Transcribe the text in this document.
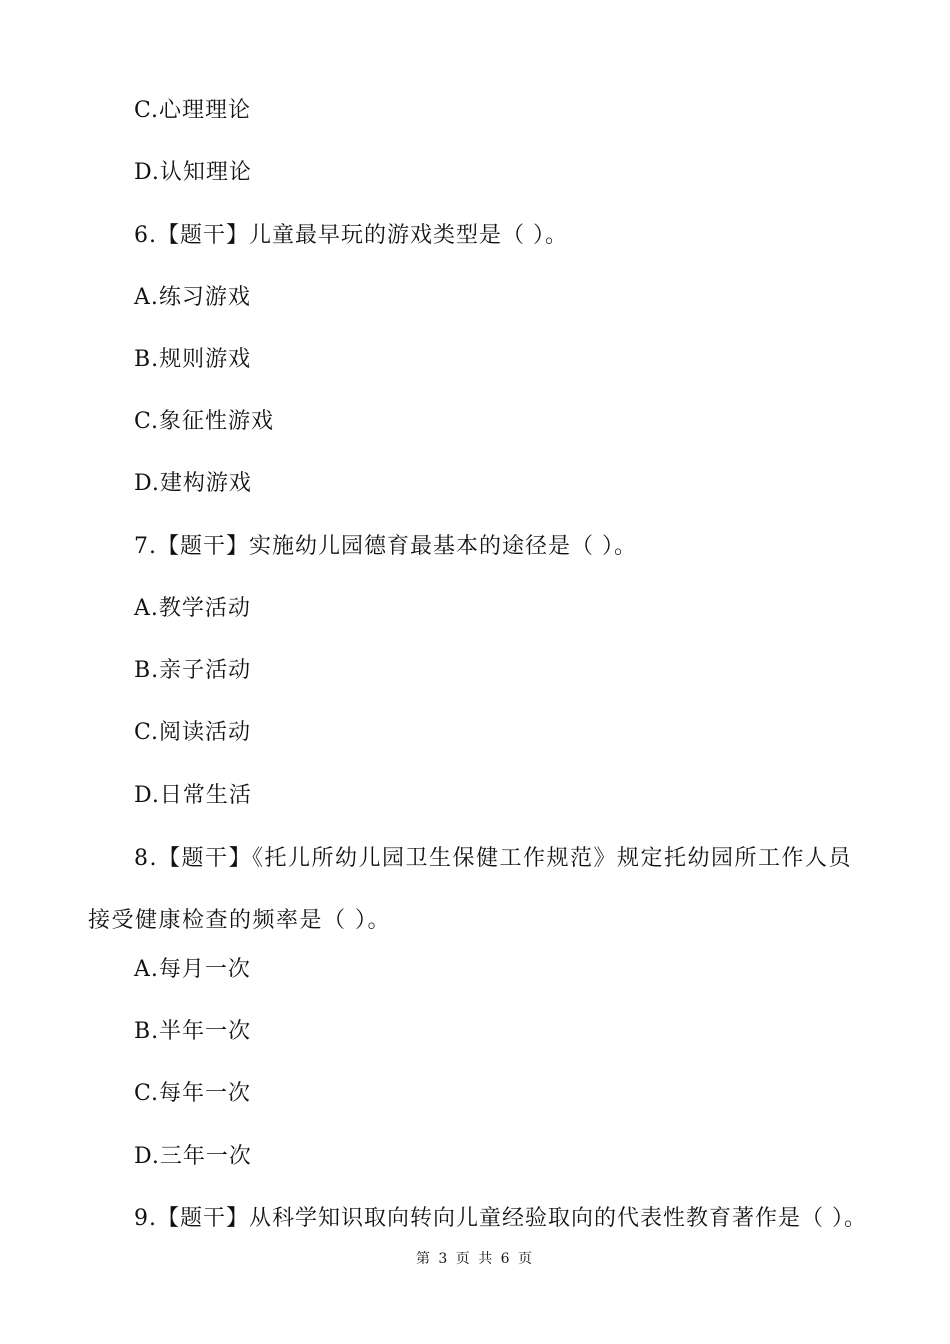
C.心理理论
D.认知理论
6.【题干】儿童最早玩的游戏类型是（ ）。
A.练习游戏
B.规则游戏
C.象征性游戏
D.建构游戏
7.【题干】实施幼儿园德育最基本的途径是（ ）。
A.教学活动
B.亲子活动
C.阅读活动
D.日常生活
8.【题干】《托儿所幼儿园卫生保健工作规范》规定托幼园所工作人员接受健康检查的频率是（ ）。
A.每月一次
B.半年一次
C.每年一次
D.三年一次
9.【题干】从科学知识取向转向儿童经验取向的代表性教育著作是（ ）。
第 3 页 共 6 页
